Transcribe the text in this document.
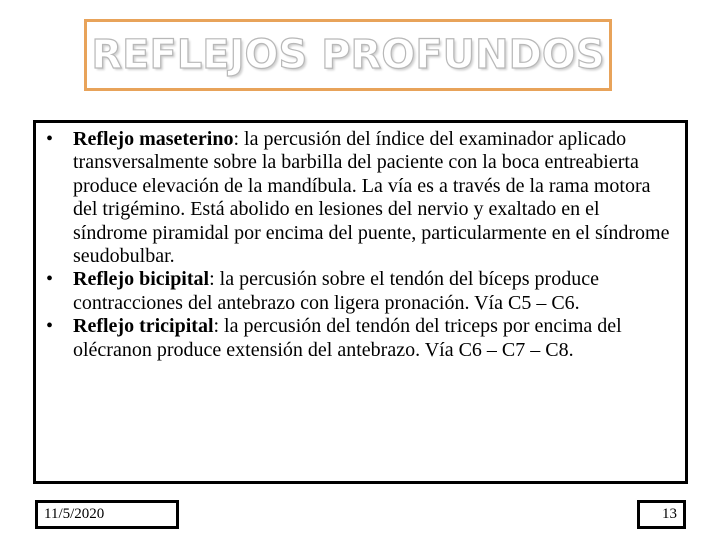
REFLEJOS PROFUNDOS
• Reflejo maseterino: la percusión del índice del examinador aplicado transversalmente sobre la barbilla del paciente con la boca entreabierta produce elevación de la mandíbula. La vía es a través de la rama motora del trigémino. Está abolido en lesiones del nervio y exaltado en el síndrome piramidal por encima del puente, particularmente en el síndrome seudobulbar.
• Reflejo bicipital: la percusión sobre el tendón del bíceps produce contracciones del antebrazo con ligera pronación. Vía C5 – C6.
• Reflejo tricipital: la percusión del tendón del triceps por encima del olécranon produce extensión del antebrazo. Vía C6 – C7 – C8.
11/5/2020	13
